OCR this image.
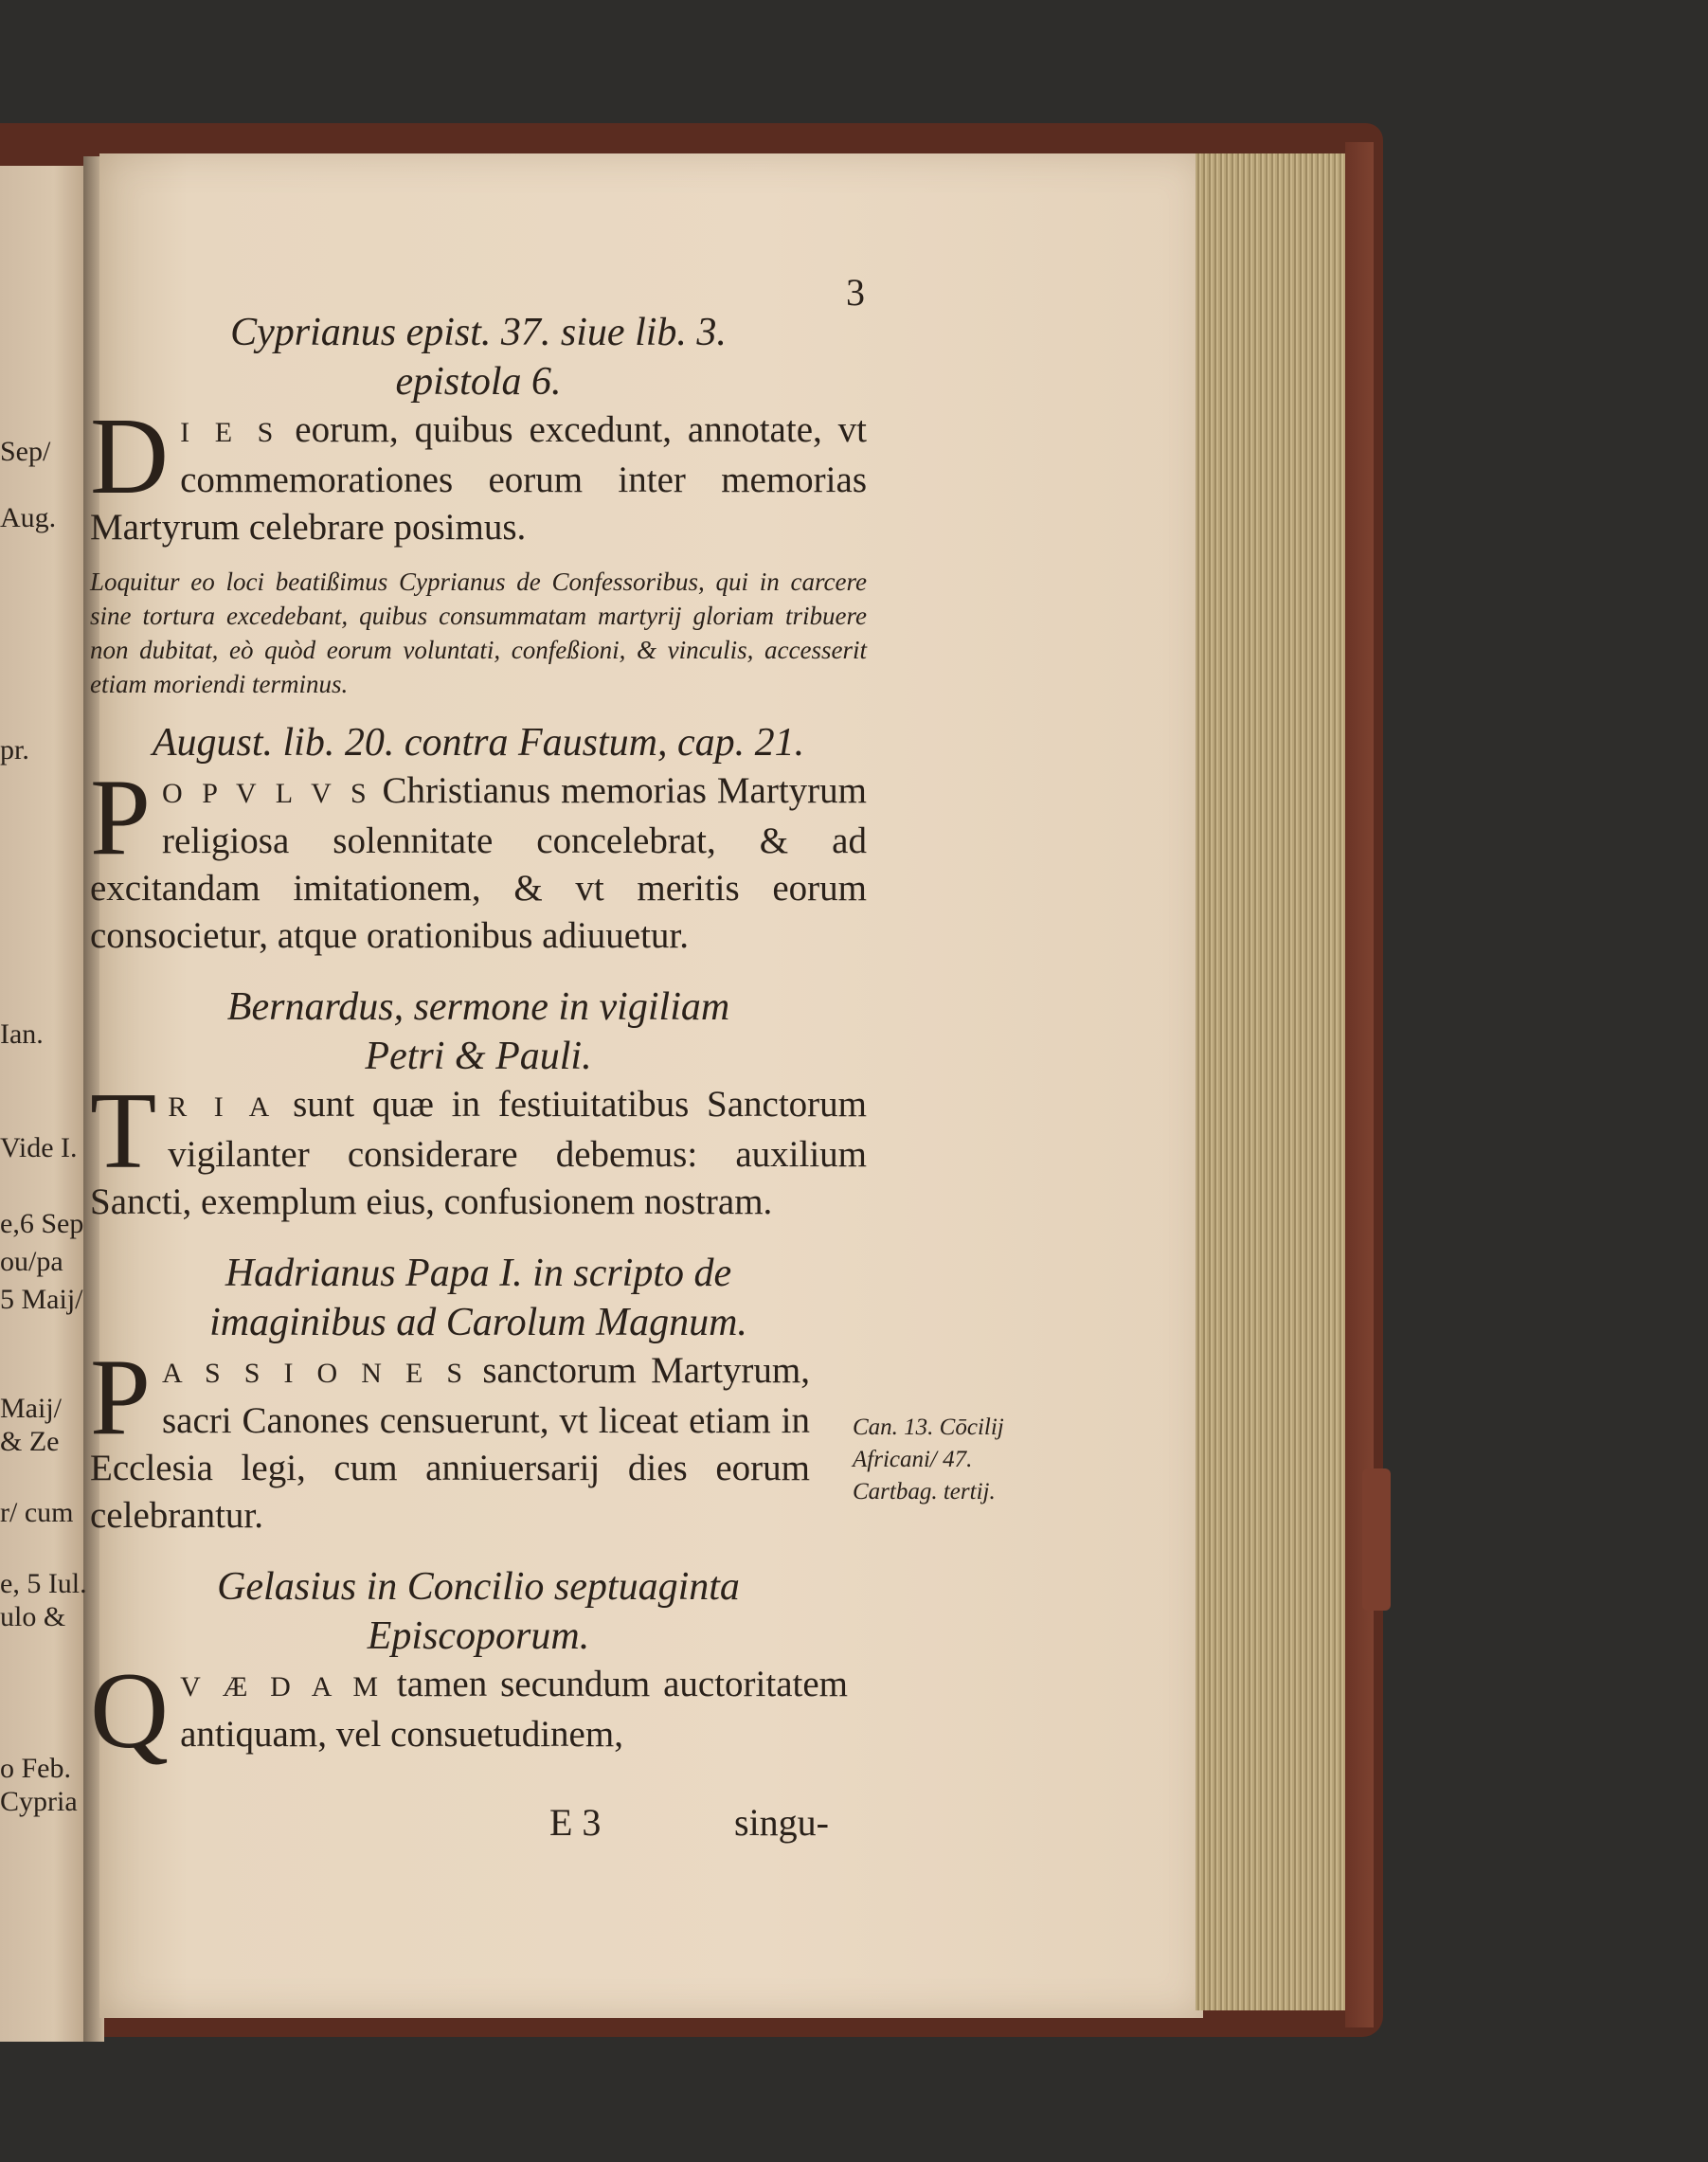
Sep/
Aug.
pr.
Ian.
Vide I.
e,6 Sep
ou/pa
5 Maij/
Maij/
& Ze
r/ cum
e, 5 Iul.
ulo &
o Feb.
Cypria
3

Cyprianus epist. 37. siue lib. 3.

epistola 6.

D I E S eorum, quibus excedunt, annotate, vt commemorationes eorum inter memorias Martyrum celebrare posimus.

Loquitur eo loci beatißimus Cyprianus de Confessoribus, qui in carcere sine tortura excedebant, quibus consummatam martyrij gloriam tribuere non dubitat, eò quòd eorum voluntati, confeßioni, & vinculis, accesserit etiam moriendi terminus.

August. lib. 20. contra Faustum, cap. 21.

P O P V L V S Christianus memorias Martyrum religiosa solennitate concelebrat, & ad excitandam imitationem, & vt meritis eorum consocietur, atque orationibus adiuuetur.

Bernardus, sermone in vigiliam

Petri & Pauli.

T R I A sunt quæ in festiuitatibus Sanctorum vigilanter considerare debemus: auxilium Sancti, exemplum eius, confusionem nostram.

Hadrianus Papa I. in scripto de imaginibus ad Carolum Magnum.

P A S S I O N E S sanctorum Martyrum, sacri Canones censuerunt, vt liceat etiam in Ecclesia legi, cum anniuersarij dies eorum celebrantur.

Gelasius in Concilio septuaginta

Episcoporum.

Q V Æ D A M tamen secundum auctoritatem antiquam, vel consuetudinem,

Can. 13. Cōcilij Africani/ 47. Cartbag. tertij.
E 3	singu-
